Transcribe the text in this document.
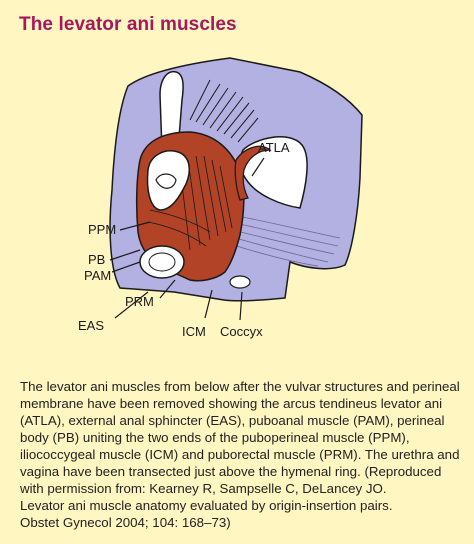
The levator ani muscles
ATLA
PPM
PB
PAM
PRM
EAS	ICM Coccyx

The levator ani muscles from below after the vulvar structures and perineal membrane have been removed showing the arcus tendineus levator ani (ATLA), external anal sphincter (EAS), puboanal muscle (PAM), perineal body (PB) uniting the two ends of the puboperineal muscle (PPM), iliococcygeal muscle (ICM) and puborectal muscle (PRM). The urethra and vagina have been transected just above the hymenal ring. (Reproduced with permission from: Kearney R, Sampselle C, DeLancey JO.

Levator ani muscle anatomy evaluated by origin-insertion pairs.

Obstet Gynecol 2004; 104: 168–73)
